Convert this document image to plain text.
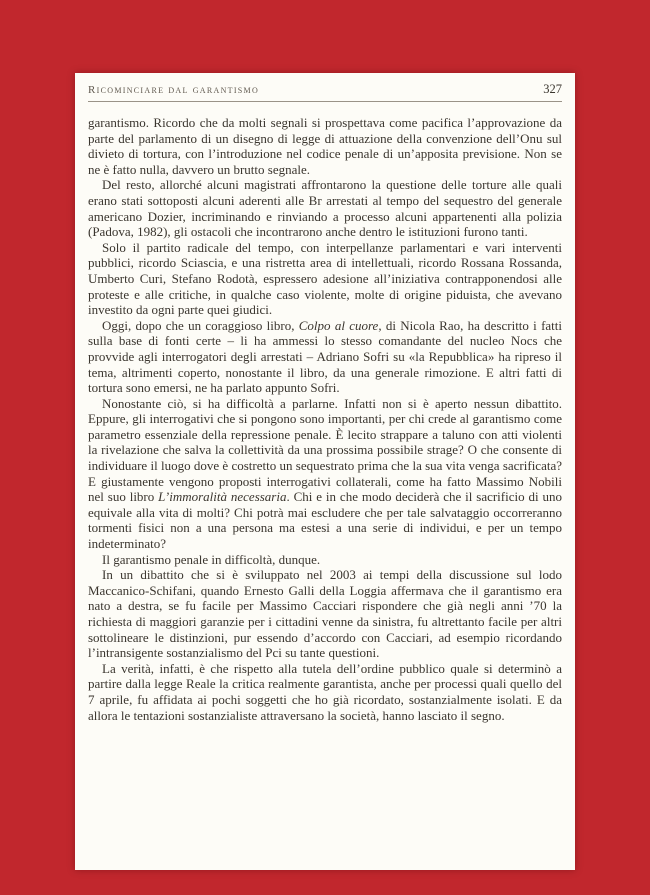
Ricominciare dal garantismo	327

garantismo. Ricordo che da molti segnali si prospettava come pacifica l’approvazione da parte del parlamento di un disegno di legge di attuazione della convenzione dell’Onu sul divieto di tortura, con l’introduzione nel codice penale di un’apposita previsione. Non se ne è fatto nulla, davvero un brutto segnale.

Del resto, allorché alcuni magistrati affrontarono la questione delle torture alle quali erano stati sottoposti alcuni aderenti alle Br arrestati al tempo del sequestro del generale americano Dozier, incriminando e rinviando a processo alcuni appartenenti alla polizia (Padova, 1982), gli ostacoli che incontrarono anche dentro le istituzioni furono tanti.

Solo il partito radicale del tempo, con interpellanze parlamentari e vari interventi pubblici, ricordo Sciascia, e una ristretta area di intellettuali, ricordo Rossana Rossanda, Umberto Curi, Stefano Rodotà, espressero adesione all’iniziativa contrapponendosi alle proteste e alle critiche, in qualche caso violente, molte di origine piduista, che avevano investito da ogni parte quei giudici.

Oggi, dopo che un coraggioso libro, Colpo al cuore, di Nicola Rao, ha descritto i fatti sulla base di fonti certe – li ha ammessi lo stesso comandante del nucleo Nocs che provvide agli interrogatori degli arrestati – Adriano Sofri su «la Repubblica» ha ripreso il tema, altrimenti coperto, nonostante il libro, da una generale rimozione. E altri fatti di tortura sono emersi, ne ha parlato appunto Sofri.

Nonostante ciò, si ha difficoltà a parlarne. Infatti non si è aperto nessun dibattito. Eppure, gli interrogativi che si pongono sono importanti, per chi crede al garantismo come parametro essenziale della repressione penale. È lecito strappare a taluno con atti violenti la rivelazione che salva la collettività da una prossima possibile strage? O che consente di individuare il luogo dove è costretto un sequestrato prima che la sua vita venga sacrificata? E giustamente vengono proposti interrogativi collaterali, come ha fatto Massimo Nobili nel suo libro L’immoralità necessaria. Chi e in che modo deciderà che il sacrificio di uno equivale alla vita di molti? Chi potrà mai escludere che per tale salvataggio occorreranno tormenti fisici non a una persona ma estesi a una serie di individui, e per un tempo indeterminato?

Il garantismo penale in difficoltà, dunque.

In un dibattito che si è sviluppato nel 2003 ai tempi della discussione sul lodo Maccanico-Schifani, quando Ernesto Galli della Loggia affermava che il garantismo era nato a destra, se fu facile per Massimo Cacciari rispondere che già negli anni ’70 la richiesta di maggiori garanzie per i cittadini venne da sinistra, fu altrettanto facile per altri sottolineare le distinzioni, pur essendo d’accordo con Cacciari, ad esempio ricordando l’intransigente sostanzialismo del Pci su tante questioni.

La verità, infatti, è che rispetto alla tutela dell’ordine pubblico quale si determinò a partire dalla legge Reale la critica realmente garantista, anche per processi quali quello del 7 aprile, fu affidata ai pochi soggetti che ho già ricordato, sostanzialmente isolati. E da allora le tentazioni sostanzialiste attraversano la società, hanno lasciato il segno.
